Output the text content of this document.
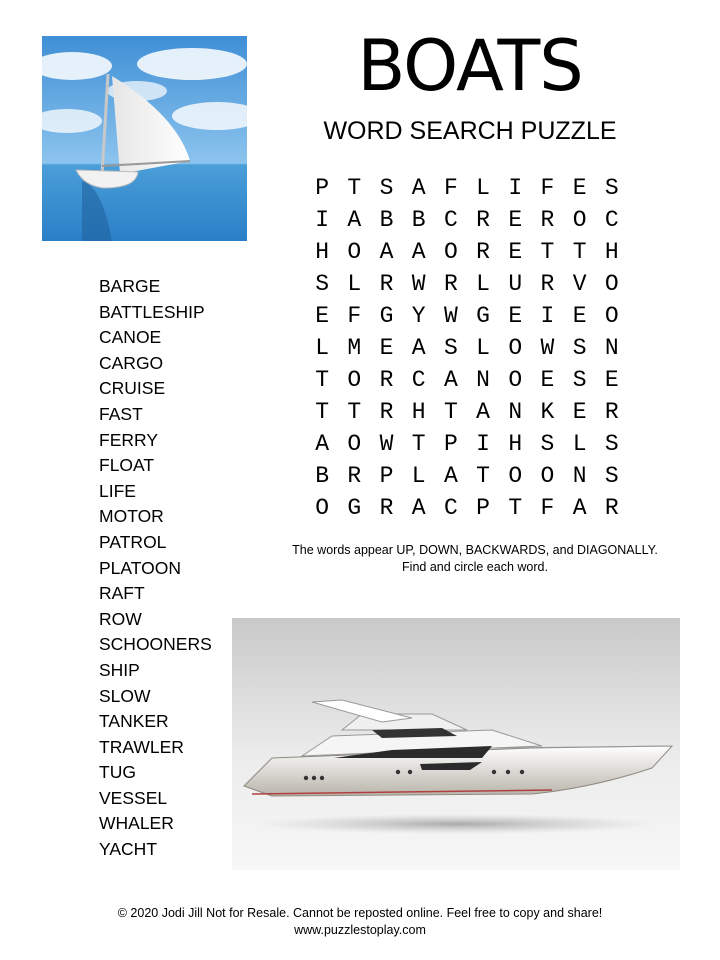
BOATS
WORD SEARCH PUZZLE
P T S A F L I F E S
I A B B C R E R O C
H O A A O R E T T H
S L R W R L U R V O
E F G Y W G E I E O
L M E A S L O W S N
T O R C A N O E S E
T T R H T A N K E R
A O W T P I H S L S
B R P L A T O O N S
O G R A C P T F A R
The words appear UP, DOWN, BACKWARDS, and DIAGONALLY.
Find and circle each word.
BARGE
BATTLESHIP
CANOE
CARGO
CRUISE
FAST
FERRY
FLOAT
LIFE
MOTOR
PATROL
PLATOON
RAFT
ROW
SCHOONERS
SHIP
SLOW
TANKER
TRAWLER
TUG
VESSEL
WHALER
YACHT
© 2020 Jodi Jill Not for Resale. Cannot be reposted online. Feel free to copy and share!
www.puzzlestoplay.com
